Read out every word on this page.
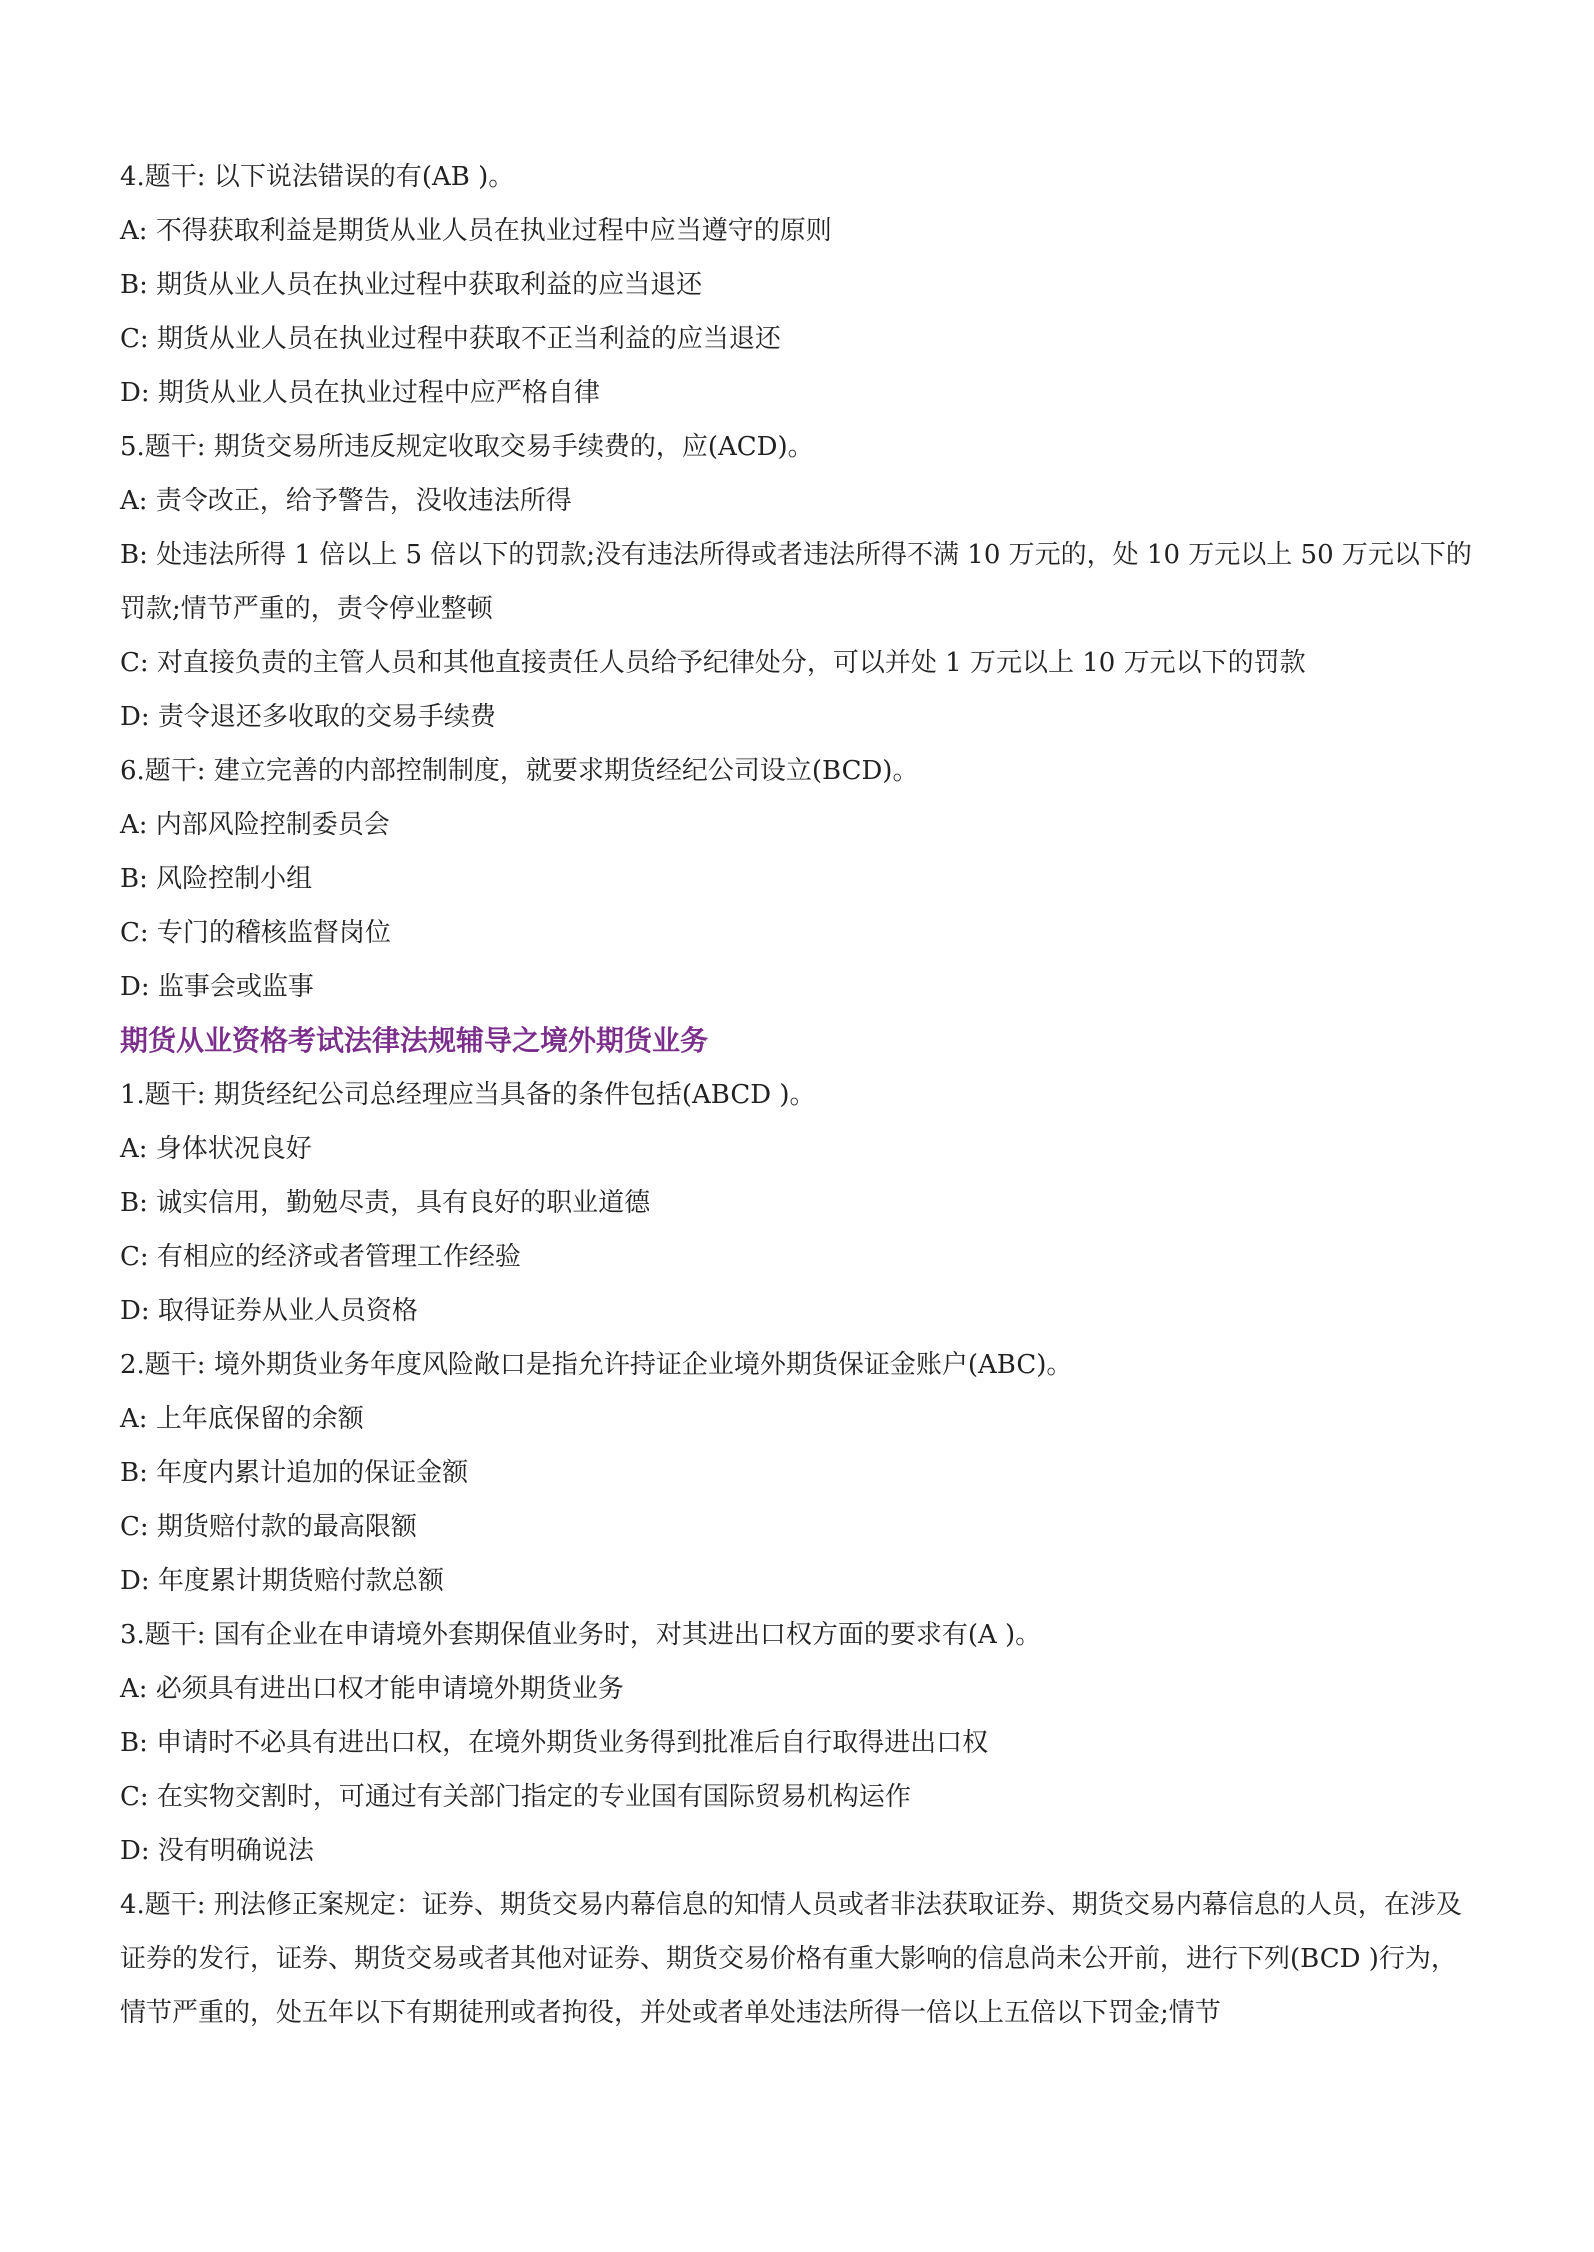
4.题干: 以下说法错误的有(AB )。
A: 不得获取利益是期货从业人员在执业过程中应当遵守的原则
B: 期货从业人员在执业过程中获取利益的应当退还
C: 期货从业人员在执业过程中获取不正当利益的应当退还
D: 期货从业人员在执业过程中应严格自律
5.题干: 期货交易所违反规定收取交易手续费的，应(ACD)。
A: 责令改正，给予警告，没收违法所得
B: 处违法所得 1 倍以上 5 倍以下的罚款;没有违法所得或者违法所得不满 10 万元的，处 10 万元以上 50 万元以下的罚款;情节严重的，责令停业整顿
C: 对直接负责的主管人员和其他直接责任人员给予纪律处分，可以并处 1 万元以上 10 万元以下的罚款
D: 责令退还多收取的交易手续费
6.题干: 建立完善的内部控制制度，就要求期货经纪公司设立(BCD)。
A: 内部风险控制委员会
B: 风险控制小组
C: 专门的稽核监督岗位
D: 监事会或监事
期货从业资格考试法律法规辅导之境外期货业务
1.题干: 期货经纪公司总经理应当具备的条件包括(ABCD )。
A: 身体状况良好
B: 诚实信用，勤勉尽责，具有良好的职业道德
C: 有相应的经济或者管理工作经验
D: 取得证券从业人员资格
2.题干: 境外期货业务年度风险敞口是指允许持证企业境外期货保证金账户(ABC)。
A: 上年底保留的余额
B: 年度内累计追加的保证金额
C: 期货赔付款的最高限额
D: 年度累计期货赔付款总额
3.题干: 国有企业在申请境外套期保值业务时，对其进出口权方面的要求有(A )。
A: 必须具有进出口权才能申请境外期货业务
B: 申请时不必具有进出口权，在境外期货业务得到批准后自行取得进出口权
C: 在实物交割时，可通过有关部门指定的专业国有国际贸易机构运作
D: 没有明确说法
4.题干: 刑法修正案规定：证券、期货交易内幕信息的知情人员或者非法获取证券、期货交易内幕信息的人员，在涉及证券的发行，证券、期货交易或者其他对证券、期货交易价格有重大影响的信息尚未公开前，进行下列(BCD )行为，情节严重的，处五年以下有期徒刑或者拘役，并处或者单处违法所得一倍以上五倍以下罚金;情节
